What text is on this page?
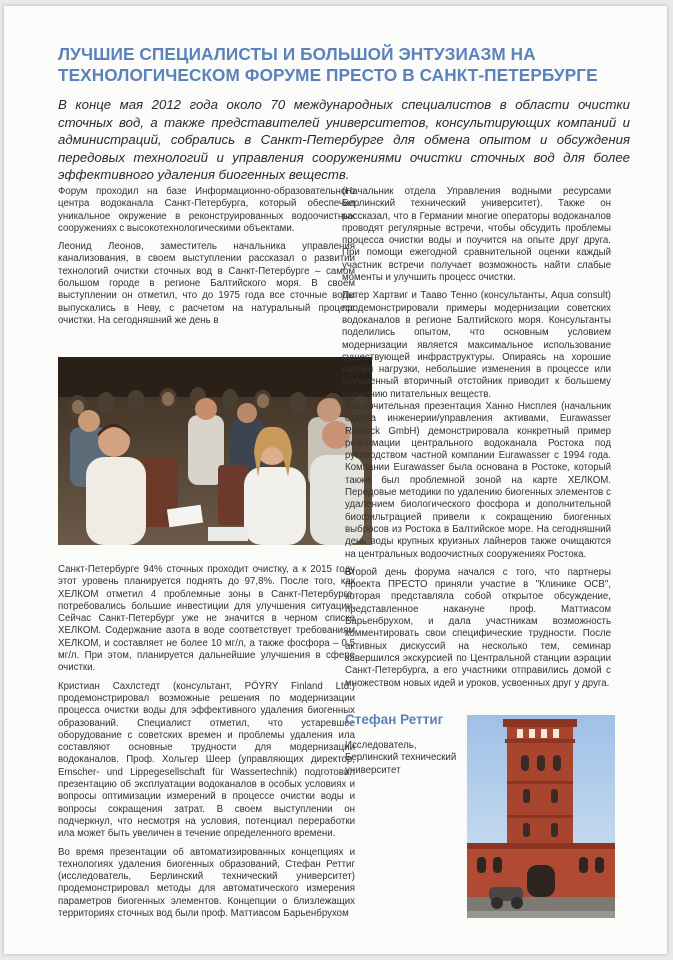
ЛУЧШИЕ СПЕЦИАЛИСТЫ И БОЛЬШОЙ ЭНТУЗИАЗМ НА
ТЕХНОЛОГИЧЕСКОМ ФОРУМЕ ПРЕСТО В САНКТ-ПЕТЕРБУРГЕ

В конце мая 2012 года около 70 международных специалистов в области очистки сточных вод, а также представителей университетов, консультирующих компаний и администраций, собрались в Санкт-Петербурге для обмена опытом и обсуждения передовых технологий и управления сооружениями очистки сточных вод для более эффективного удаления биогенных веществ.

Форум проходил на базе Информационно-образовательного центра водоканала Санкт-Петербурга, который обеспечил уникальное окружение в реконструированных водоочистных сооружениях с высокотехнологическими объектами.

Леонид Леонов, заместитель начальника управления канализования, в своем выступлении рассказал о развитии технологий очистки сточных вод в Санкт-Петербурге – самом большом городе в регионе Балтийского моря. В своем выступлении он отметил, что до 1975 года все сточные воды выпускались в Неву, с расчетом на натуральный процесс очистки. На сегодняшний же день в

Санкт-Петербурге 94% сточных проходит очистку, а к 2015 году этот уровень планируется поднять до 97,8%. После того, как ХЕЛКОМ отметил 4 проблемные зоны в Санкт-Петербурге, потребовались большие инвестиции для улучшения ситуации. Сейчас Санкт-Петербург уже не значится в черном списке ХЕЛКОМ. Содержание азота в воде соответствует требованиям ХЕЛКОМ, и составляет не более 10 мг/л, а также фосфора – 0.5 мг/л. При этом, планируется дальнейшие улучшения в сфере очистки.

Кристиан Сахлстедт (консультант, PÖYRY Finland Ltd.) продемонстрировал возможные решения по модернизации процесса очистки воды для эффективного удаления биогенных образований. Специалист отметил, что устаревшее оборудование с советских времен и проблемы удаления ила составляют основные трудности для модернизации водоканалов. Проф. Хольгер Шеер (управляющих директор, Emscher- und Lippegesellschaft für Wassertechnik) подготовил презентацию об эксплуатации водоканалов в особых условиях и вопросы оптимизации измерений в процессе очистки воды и вопросы сокращения затрат. В своем выступлении он подчеркнул, что несмотря на условия, потенциал переработки ила может быть увеличен в течение определенного времени.

Во время презентации об автоматизированных концепциях и технологиях удаления биогенных образований, Стефан Реттиг (исследователь, Берлинский технический университет) продемонстрировал методы для автоматического измерения параметров биогенных элементов. Концепции о близлежащих территориях сточных вод были проф. Маттиасом Барьенбрухом

(Начальник отдела Управления водными ресурсами Берлинский технический университет). Также он рассказал, что в Германии многие операторы водоканалов проводят регулярные встречи, чтобы обсудить проблемы процесса очистки воды и поучится на опыте друг друга. При помощи ежегодной сравнительной оценки каждый участник встречи получает возможность найти слабые моменты и улучшить процесс очистки.

Петер Хартвиг и Тааво Тенно (консультанты, Aqua consult) продемонстрировали примеры модернизации советских водоканалов в регионе Балтийского моря. Консультанты поделились опытом, что основным условием модернизации является максимальное использование существующей инфраструктуры. Опираясь на хорошие оценки нагрузки, небольшие изменения в процессе или улучшенный вторичный отстойник приводит к большему снижению питательных веществ.

Заключительная презентация Ханно Нисплея (начальник отдела инженерии/управления активами, Eurawasser Rostock GmbH) демонстрировала конкретный пример реанимации центрального водоканала Ростока под руководством частной компании Eurawasser с 1994 года. Компании Eurawasser была основана в Ростоке, который также был проблемной зоной на карте ХЕЛКОМ. Передовые методики по удалению биогенных элементов с удалением биологического фосфора и дополнительной биофильтрацией привели к сокращению биогенных выбросов из Ростока в Балтийское море. На сегодняшний день воды крупных круизных лайнеров также очищаются на центральных водоочистных сооружениях Ростока.

Второй день форума начался с того, что партнеры проекта ПРЕСТО приняли участие в "Клинике ОСВ", которая представляла собой открытое обсуждение, представленное накануне проф. Маттиасом Барьенбрухом, и дала участникам возможность комментировать свои специфические трудности. После активных дискуссий на несколько тем, семинар завершился экскурсией по Центральной станции аэрации Санкт-Петербурга, а его участники отправились домой с множеством новых идей и уроков, усвоенных друг у друга.

Стефан Реттиг

Исследователь, Берлинский технический университет
